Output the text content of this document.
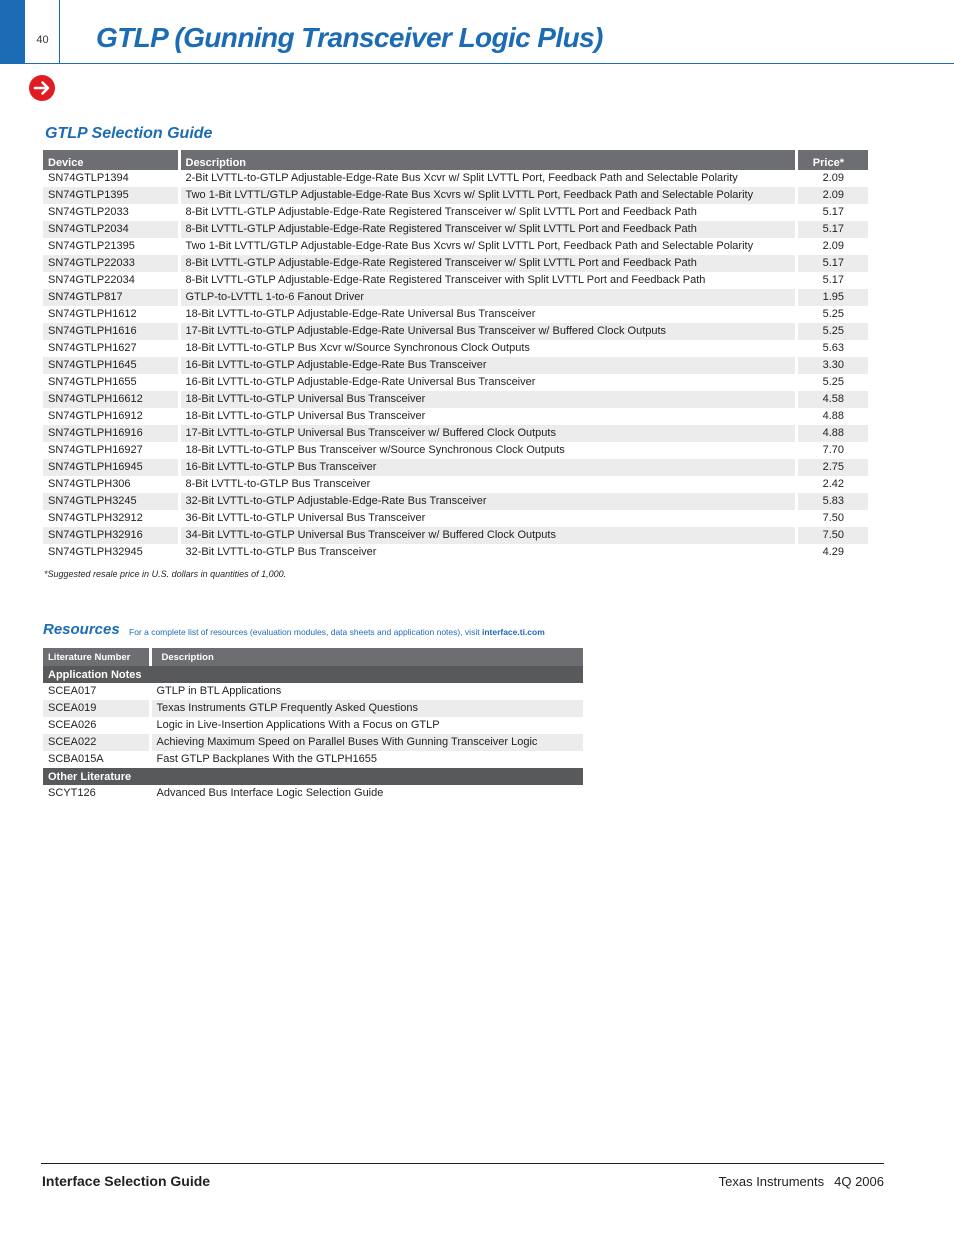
40	GTLP (Gunning Transceiver Logic Plus)
GTLP Selection Guide
Device	Description	Price*
SN74GTLP1394	2-Bit LVTTL-to-GTLP Adjustable-Edge-Rate Bus Xcvr w/ Split LVTTL Port, Feedback Path and Selectable Polarity	2.09
SN74GTLP1395	Two 1-Bit LVTTL/GTLP Adjustable-Edge-Rate Bus Xcvrs w/ Split LVTTL Port, Feedback Path and Selectable Polarity	2.09
SN74GTLP2033	8-Bit LVTTL-GTLP Adjustable-Edge-Rate Registered Transceiver w/ Split LVTTL Port and Feedback Path	5.17
SN74GTLP2034	8-Bit LVTTL-GTLP Adjustable-Edge-Rate Registered Transceiver w/ Split LVTTL Port and Feedback Path	5.17
SN74GTLP21395	Two 1-Bit LVTTL/GTLP Adjustable-Edge-Rate Bus Xcvrs w/ Split LVTTL Port, Feedback Path and Selectable Polarity	2.09
SN74GTLP22033	8-Bit LVTTL-GTLP Adjustable-Edge-Rate Registered Transceiver w/ Split LVTTL Port and Feedback Path	5.17
SN74GTLP22034	8-Bit LVTTL-GTLP Adjustable-Edge-Rate Registered Transceiver with Split LVTTL Port and Feedback Path	5.17
SN74GTLP817	GTLP-to-LVTTL 1-to-6 Fanout Driver	1.95
SN74GTLPH1612	18-Bit LVTTL-to-GTLP Adjustable-Edge-Rate Universal Bus Transceiver	5.25
SN74GTLPH1616	17-Bit LVTTL-to-GTLP Adjustable-Edge-Rate Universal Bus Transceiver w/ Buffered Clock Outputs	5.25
SN74GTLPH1627	18-Bit LVTTL-to-GTLP Bus Xcvr w/Source Synchronous Clock Outputs	5.63
SN74GTLPH1645	16-Bit LVTTL-to-GTLP Adjustable-Edge-Rate Bus Transceiver	3.30
SN74GTLPH1655	16-Bit LVTTL-to-GTLP Adjustable-Edge-Rate Universal Bus Transceiver	5.25
SN74GTLPH16612	18-Bit LVTTL-to-GTLP Universal Bus Transceiver	4.58
SN74GTLPH16912	18-Bit LVTTL-to-GTLP Universal Bus Transceiver	4.88
SN74GTLPH16916	17-Bit LVTTL-to-GTLP Universal Bus Transceiver w/ Buffered Clock Outputs	4.88
SN74GTLPH16927	18-Bit LVTTL-to-GTLP Bus Transceiver w/Source Synchronous Clock Outputs	7.70
SN74GTLPH16945	16-Bit LVTTL-to-GTLP Bus Transceiver	2.75
SN74GTLPH306	8-Bit LVTTL-to-GTLP Bus Transceiver	2.42
SN74GTLPH3245	32-Bit LVTTL-to-GTLP Adjustable-Edge-Rate Bus Transceiver	5.83
SN74GTLPH32912	36-Bit LVTTL-to-GTLP Universal Bus Transceiver	7.50
SN74GTLPH32916	34-Bit LVTTL-to-GTLP Universal Bus Transceiver w/ Buffered Clock Outputs	7.50
SN74GTLPH32945	32-Bit LVTTL-to-GTLP Bus Transceiver	4.29

*Suggested resale price in U.S. dollars in quantities of 1,000.

Resources For a complete list of resources (evaluation modules, data sheets and application notes), visit interface.ti.com
Literature Number	Description
Application Notes	
SCEA017	GTLP in BTL Applications
SCEA019	Texas Instruments GTLP Frequently Asked Questions
SCEA026	Logic in Live-Insertion Applications With a Focus on GTLP
SCEA022	Achieving Maximum Speed on Parallel Buses With Gunning Transceiver Logic
SCBA015A	Fast GTLP Backplanes With the GTLPH1655
Other Literature	
SCYT126	Advanced Bus Interface Logic Selection Guide
Interface Selection Guide	Texas Instruments 4Q 2006
